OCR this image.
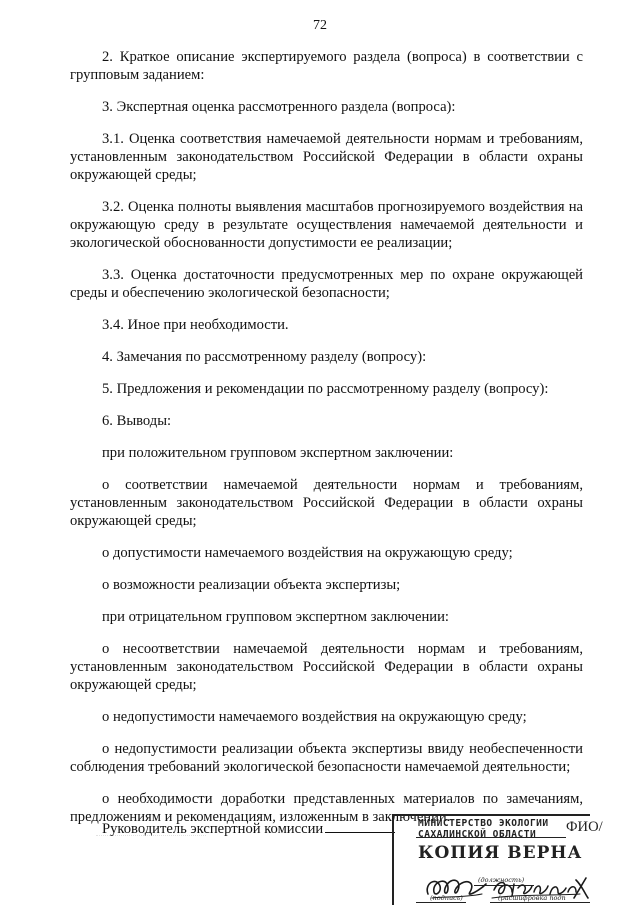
72

2. Краткое описание экспертируемого раздела (вопроса) в соответствии с групповым заданием:

3. Экспертная оценка рассмотренного раздела (вопроса):

3.1. Оценка соответствия намечаемой деятельности нормам и требованиям, установленным законодательством Российской Федерации в области охраны окружающей среды;

3.2. Оценка полноты выявления масштабов прогнозируемого воздействия на окружающую среду в результате осуществления намечаемой деятельности и экологической обоснованности допустимости ее реализации;

3.3. Оценка достаточности предусмотренных мер по охране окружающей среды и обеспечению экологической безопасности;

3.4. Иное при необходимости.

4. Замечания по рассмотренному разделу (вопросу):

5. Предложения и рекомендации по рассмотренному разделу (вопросу):

6. Выводы:

при положительном групповом экспертном заключении:

о соответствии намечаемой деятельности нормам и требованиям, установленным законодательством Российской Федерации в области охраны окружающей среды;

о допустимости намечаемого воздействия на окружающую среду;

о возможности реализации объекта экспертизы;

при отрицательном групповом экспертном заключении:

о несоответствии намечаемой деятельности нормам и требованиям, установленным законодательством Российской Федерации в области охраны окружающей среды;

о недопустимости намечаемого воздействия на окружающую среду;

о недопустимости реализации объекта экспертизы ввиду необеспеченности соблюдения требований экологической безопасности намечаемой деятельности;

о необходимости доработки представленных материалов по замечаниям, предложениям и рекомендациям, изложенным в заключении.

Руководитель экспертной комиссии	МИНИСТЕРСТВО ЭКОЛОГИИ
САХАЛИНСКОЙ ОБЛАСТИ
КОПИЯ ВЕРНА
(должность)
(подпись)	(расшифровка подп
ФИО/
